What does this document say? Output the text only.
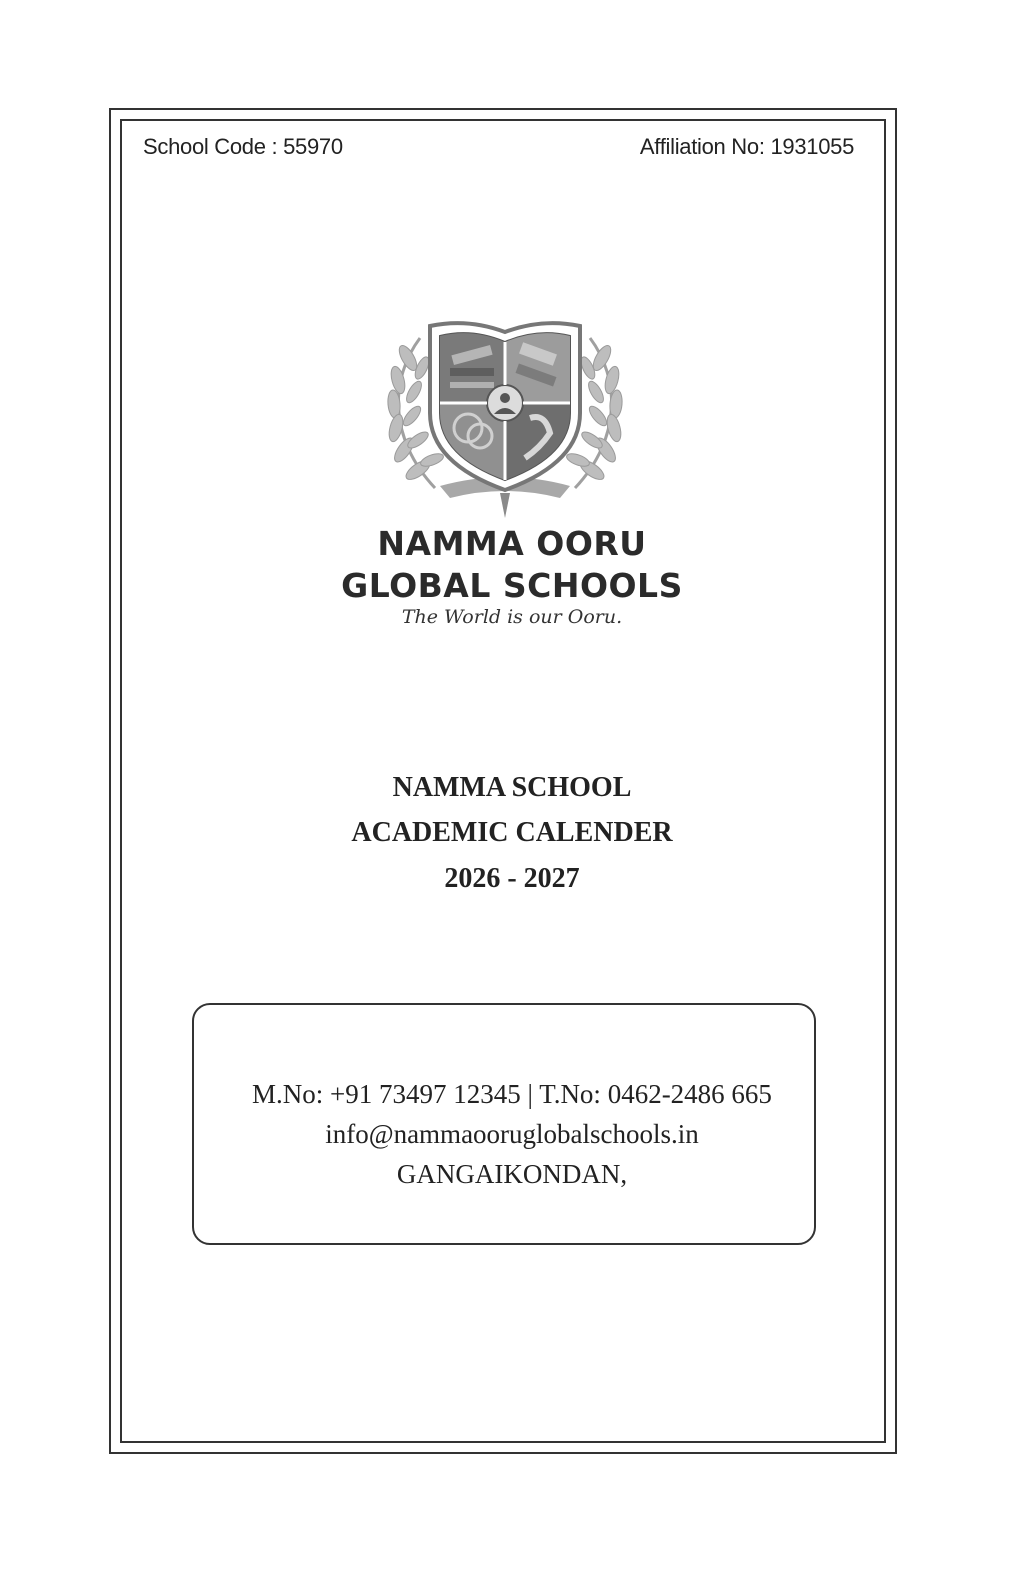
School Code : 55970	Affiliation No: 1931055
NAMMA OORU
GLOBAL SCHOOLS
The World is our Ooru.
NAMMA SCHOOL
ACADEMIC CALENDER
2026 - 2027
M.No: +91 73497 12345 | T.No: 0462-2486 665
info@nammaooruglobalschools.in
GANGAIKONDAN,
